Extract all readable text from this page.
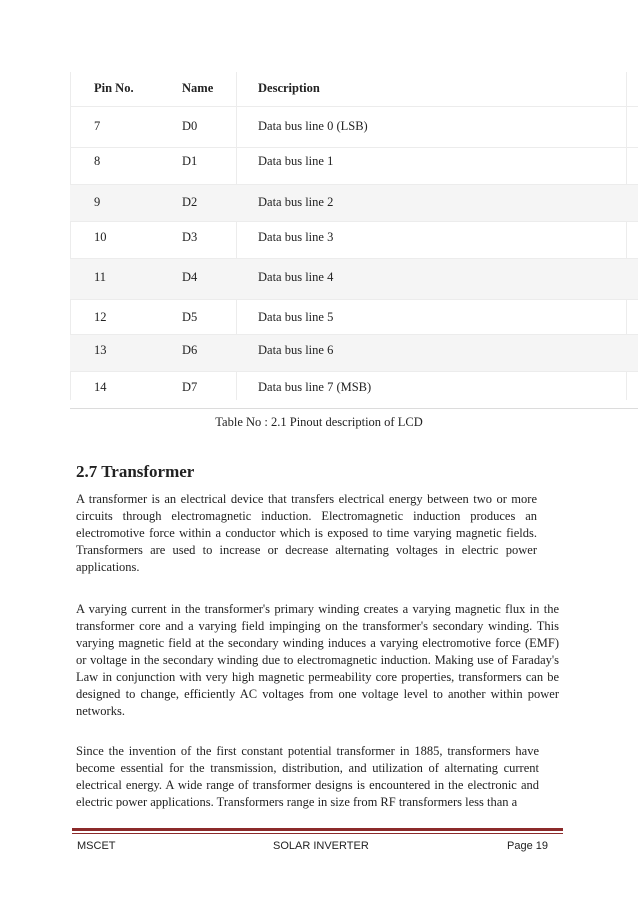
Pin No.	Name	Description
7	D0	Data bus line 0 (LSB)
8	D1	Data bus line 1
9	D2	Data bus line 2
10	D3	Data bus line 3
11	D4	Data bus line 4
12	D5	Data bus line 5
13	D6	Data bus line 6
14	D7	Data bus line 7 (MSB)
Table No : 2.1 Pinout description of LCD
2.7 Transformer

A transformer is an electrical device that transfers electrical energy between two or more circuits through electromagnetic induction. Electromagnetic induction produces an electromotive force within a conductor which is exposed to time varying magnetic fields. Transformers are used to increase or decrease alternating voltages in electric power applications.

A varying current in the transformer's primary winding creates a varying magnetic flux in the transformer core and a varying field impinging on the transformer's secondary winding. This varying magnetic field at the secondary winding induces a varying electromotive force (EMF) or voltage in the secondary winding due to electromagnetic induction. Making use of Faraday's Law in conjunction with very high magnetic permeability core properties, transformers can be designed to change, efficiently AC voltages from one voltage level to another within power networks.

Since the invention of the first constant potential transformer in 1885, transformers have become essential for the transmission, distribution, and utilization of alternating current electrical energy. A wide range of transformer designs is encountered in the electronic and electric power applications. Transformers range in size from RF transformers less than a

MSCET	SOLAR INVERTER	Page 19
